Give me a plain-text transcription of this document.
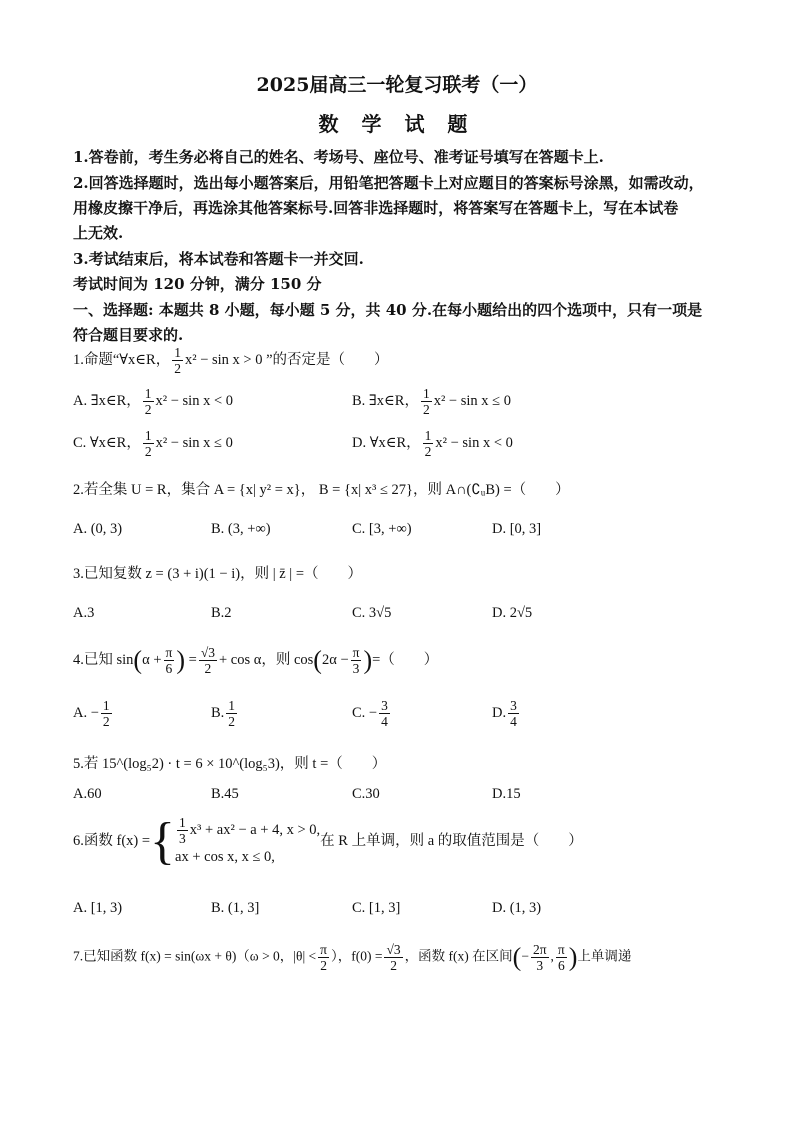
2025届高三一轮复习联考（一）
数 学 试 题
1.答卷前，考生务必将自己的姓名、考场号、座位号、准考证号填写在答题卡上.
2.回答选择题时，选出每小题答案后，用铅笔把答题卡上对应题目的答案标号涂黑，如需改动，
用橡皮擦干净后，再选涂其他答案标号.回答非选择题时，将答案写在答题卡上，写在本试卷
上无效.
3.考试结束后，将本试卷和答题卡一并交回.
考试时间为 120 分钟，满分 150 分
一、选择题: 本题共 8 小题，每小题 5 分，共 40 分.在每小题给出的四个选项中，只有一项是
符合题目要求的.
1.命题“∀x∈R， $\frac{1}{2} x^2 - \sin x > 0$ ”的否定是（　　）
A. ∃x∈R， $\frac{1}{2} x^2 - \sin x < 0$	B. ∃x∈R， $\frac{1}{2} x^2 - \sin x \le 0$
C. ∀x∈R， $\frac{1}{2} x^2 - \sin x \le 0$	D. ∀x∈R， $\frac{1}{2} x^2 - \sin x < 0$
2.若全集 U = R，集合 A = {x| y² = x}， B = {x| x³ ≤ 27}，则 A∩(∁ᵤB) =（　　）
A. (0, 3)	B. (3, +∞)	C. [3, +∞)	D. [0, 3]
3.已知复数 z = (3 + i)(1 − i)，则 | z̄ | =（　　）
A.3	B.2	C. 3√5	D. 2√5
4.已知 $\sin(\alpha + \frac{\pi}{6}$ ) = $\frac{√3}{2} + \cos \alpha$，则 $\cos(2\alpha - \frac{\pi}{3}$ )=（　　）
A. − $\frac{1}{2}$	B. $\frac{1}{2}$	C. − $\frac{3}{4}$	D. $\frac{3}{4}$
5.若 15^(log₅2) · t = 6 × 10^(log₅3)，则 t =（　　）
A.60	B.45	C.30	D.15
6.函数 f(x) ={ $\frac{1}{3} x^3 + ax^2 - a + 4$, x > 0,
ax + cos x, x ≤ 0,
在 R 上单调，则 a 的取值范围是（　　）
A. [1, 3)	B. (1, 3]	C. [1, 3]	D. (1, 3)
7.已知函数 f(x) = sin(ωx + θ)（ω > 0，$|\theta| < \frac{\pi}{2}$ ），$f(0) = \frac{√3}{2}$ ，函数 f(x) 在区间(− $\frac{2\pi}{3}$ , $\frac{\pi}{6}$ )上单调递
